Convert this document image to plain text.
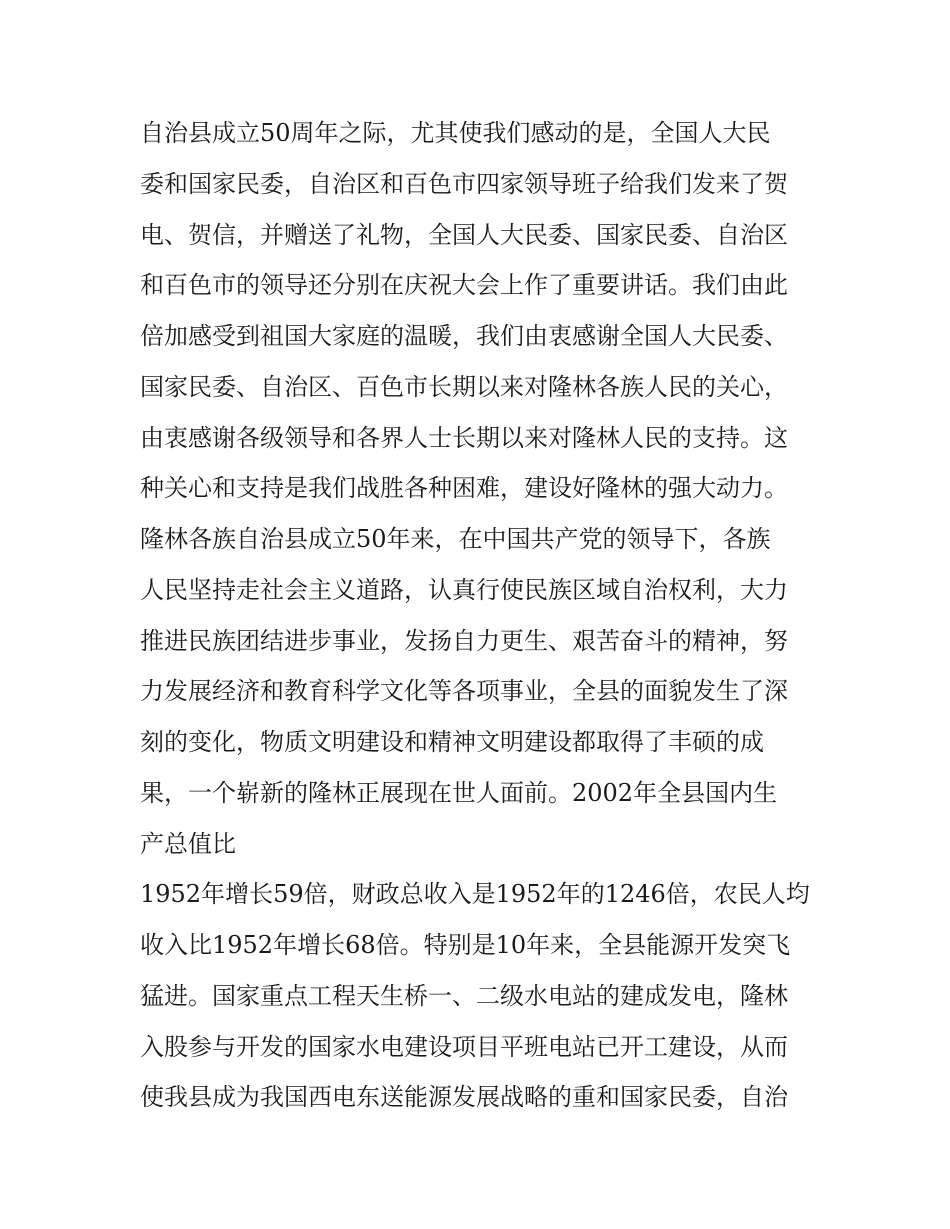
自治县成立50周年之际，尤其使我们感动的是，全国人大民
委和国家民委，自治区和百色市四家领导班子给我们发来了贺
电、贺信，并赠送了礼物，全国人大民委、国家民委、自治区
和百色市的领导还分别在庆祝大会上作了重要讲话。我们由此
倍加感受到祖国大家庭的温暖，我们由衷感谢全国人大民委、
国家民委、自治区、百色市长期以来对隆林各族人民的关心，
由衷感谢各级领导和各界人士长期以来对隆林人民的支持。这
种关心和支持是我们战胜各种困难，建设好隆林的强大动力。
隆林各族自治县成立50年来，在中国共产党的领导下，各族
人民坚持走社会主义道路，认真行使民族区域自治权利，大力
推进民族团结进步事业，发扬自力更生、艰苦奋斗的精神，努
力发展经济和教育科学文化等各项事业，全县的面貌发生了深
刻的变化，物质文明建设和精神文明建设都取得了丰硕的成
果，一个崭新的隆林正展现在世人面前。2002年全县国内生
产总值比
1952年增长59倍，财政总收入是1952年的1246倍，农民人均
收入比1952年增长68倍。特别是10年来，全县能源开发突飞
猛进。国家重点工程天生桥一、二级水电站的建成发电，隆林
入股参与开发的国家水电建设项目平班电站已开工建设，从而
使我县成为我国西电东送能源发展战略的重和国家民委，自治
